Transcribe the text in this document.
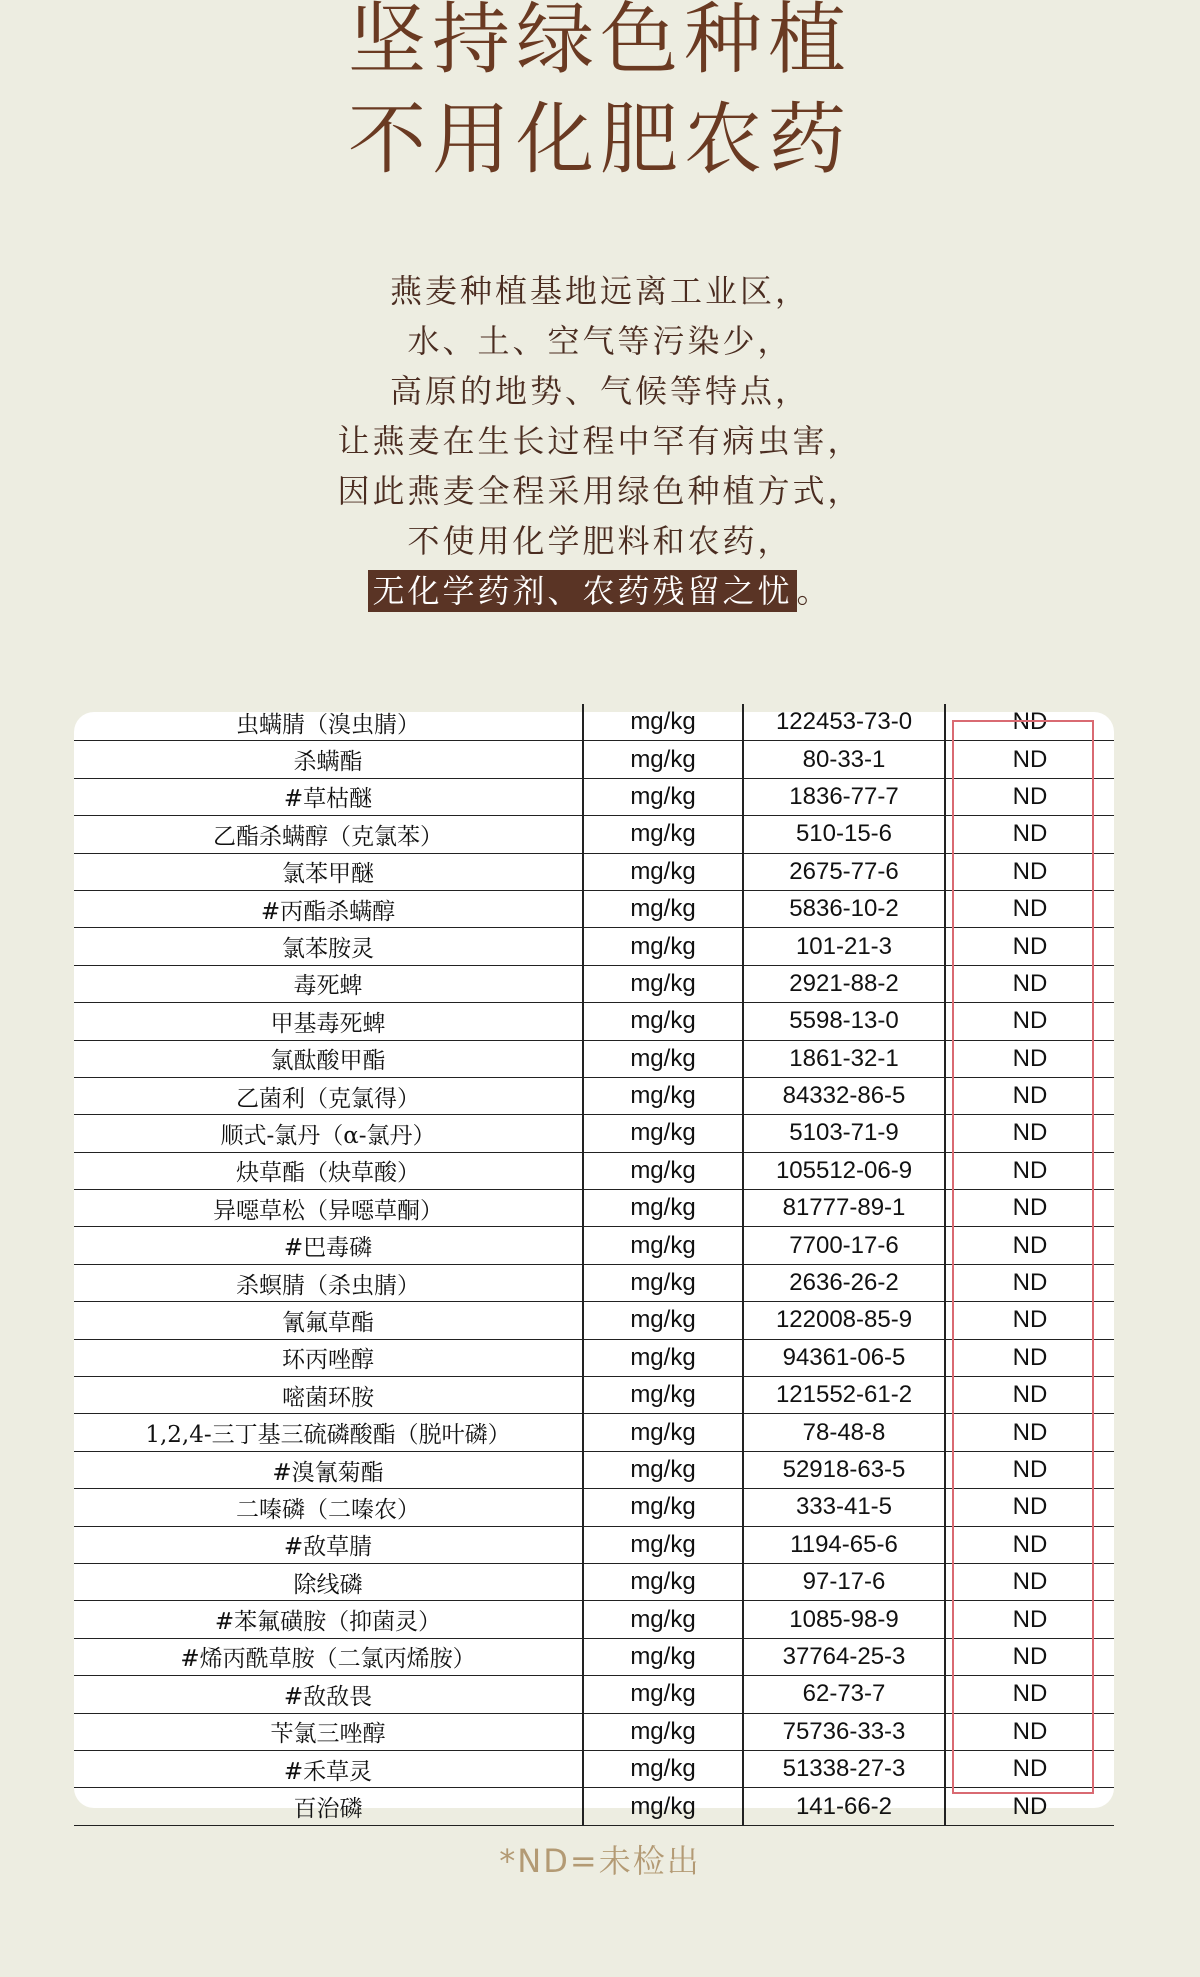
坚持绿色种植
不用化肥农药
燕麦种植基地远离工业区，
水、土、空气等污染少，
高原的地势、气候等特点，
让燕麦在生长过程中罕有病虫害，
因此燕麦全程采用绿色种植方式，
不使用化学肥料和农药，
无化学药剂、农药残留之忧 。
虫螨腈（溴虫腈）	mg/kg	122453-73-0	ND
杀螨酯	mg/kg	80-33-1	ND
#草枯醚	mg/kg	1836-77-7	ND
乙酯杀螨醇（克氯苯）	mg/kg	510-15-6	ND
氯苯甲醚	mg/kg	2675-77-6	ND
#丙酯杀螨醇	mg/kg	5836-10-2	ND
氯苯胺灵	mg/kg	101-21-3	ND
毒死蜱	mg/kg	2921-88-2	ND
甲基毒死蜱	mg/kg	5598-13-0	ND
氯酞酸甲酯	mg/kg	1861-32-1	ND
乙菌利（克氯得）	mg/kg	84332-86-5	ND
顺式-氯丹（α-氯丹）	mg/kg	5103-71-9	ND
炔草酯（炔草酸）	mg/kg	105512-06-9	ND
异噁草松（异噁草酮）	mg/kg	81777-89-1	ND
#巴毒磷	mg/kg	7700-17-6	ND
杀螟腈（杀虫腈）	mg/kg	2636-26-2	ND
氰氟草酯	mg/kg	122008-85-9	ND
环丙唑醇	mg/kg	94361-06-5	ND
嘧菌环胺	mg/kg	121552-61-2	ND
1,2,4-三丁基三硫磷酸酯（脱叶磷）	mg/kg	78-48-8	ND
#溴氰菊酯	mg/kg	52918-63-5	ND
二嗪磷（二嗪农）	mg/kg	333-41-5	ND
#敌草腈	mg/kg	1194-65-6	ND
除线磷	mg/kg	97-17-6	ND
#苯氟磺胺（抑菌灵）	mg/kg	1085-98-9	ND
#烯丙酰草胺（二氯丙烯胺）	mg/kg	37764-25-3	ND
#敌敌畏	mg/kg	62-73-7	ND
苄氯三唑醇	mg/kg	75736-33-3	ND
#禾草灵	mg/kg	51338-27-3	ND
百治磷	mg/kg	141-66-2	ND
*ND=未检出
